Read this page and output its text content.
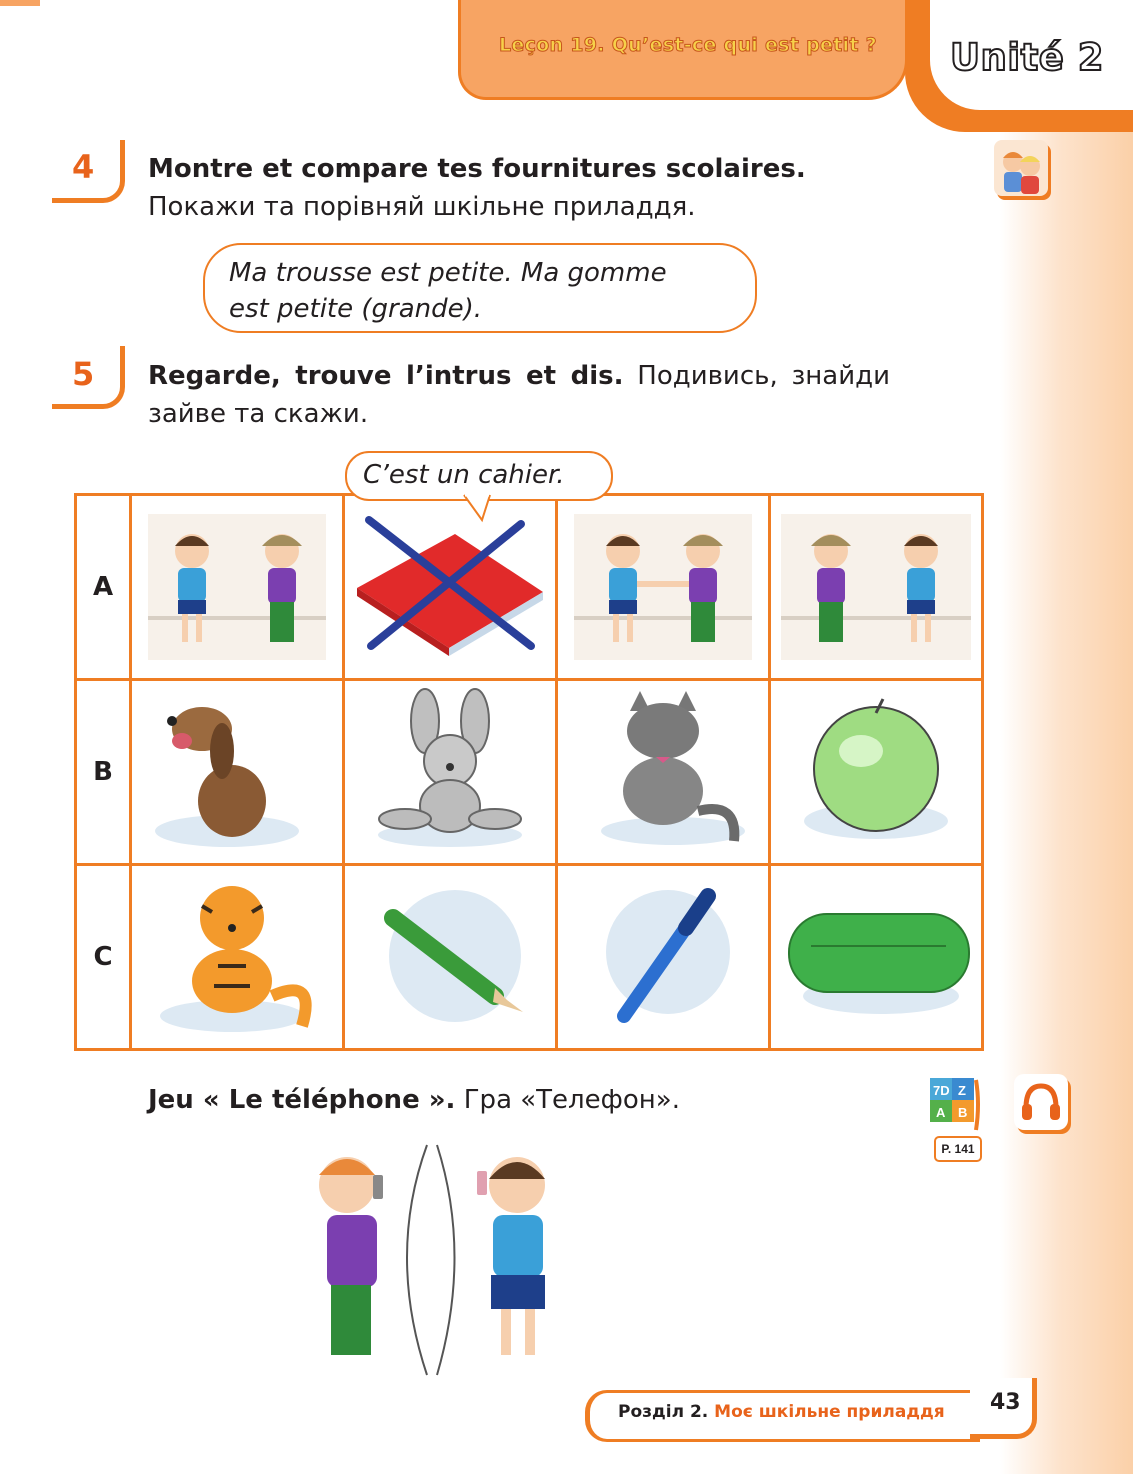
Leçon 19. Qu’est-ce qui est petit ?	Unité 2
4 Montre et compare tes fournitures scolaires.
Покажи та порівняй шкільне приладдя.
Ma trousse est petite. Ma gomme
est petite (grande).
5 Regarde, trouve l’intrus et dis. Подивись, знайди зайве та скажи.
C’est un cahier.
A				
B				
C				
Jeu « Le téléphone ». Гра «Телефон».	7D Z
A B
P. 141
Розділ 2. Моє шкільне приладдя 43
